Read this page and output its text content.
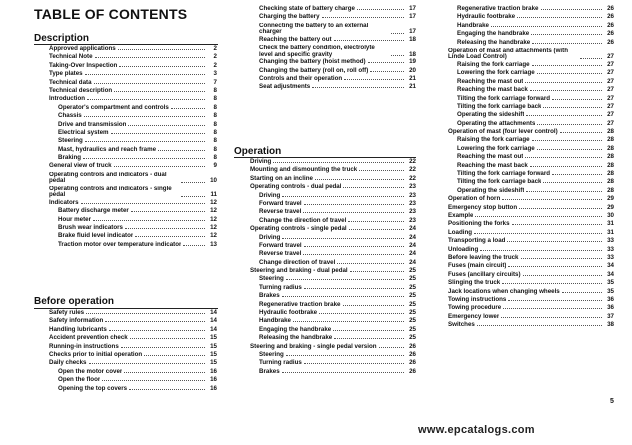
TABLE OF CONTENTS
Description
Approved applications	2
Technical Note	2
Taking-Over Inspection	2
Type plates	3
Technical data	7
Technical description	8
Introduction	8
Operator's compartment and controls	8
Chassis	8
Drive and transmission	8
Electrical system	8
Steering	8
Mast, hydraulics and reach frame	8
Braking	8
General view of truck	9
Operating controls and indicators - dual pedal	10
Operating controls and indicators - single pedal	11
Indicators	12
Battery discharge meter	12
Hour meter	12
Brush wear indicators	12
Brake fluid level indicator	12
Traction motor over temperature indicator	13
Before operation
Safety rules	14
Safety information	14
Handling lubricants	14
Accident prevention check	15
Running-in instructions	15
Checks prior to initial operation	15
Daily checks	15
Open the motor cover	16
Open the floor	16
Opening the top covers	16
Checking state of battery charge	17
Charging the battery	17
Connecting the battery to an external charger	17
Reaching the battery out	18
Check the battery condition, electrolyte level and specific gravity	18
Changing the battery (hoist method)	19
Changing the battery (roll on, roll off)	20
Controls and their operation	21
Seat adjustments	21
Operation
Driving	22
Mounting and dismounting the truck	22
Starting on an incline	22
Operating controls - dual pedal	23
Driving	23
Forward travel	23
Reverse travel	23
Change the direction of travel	23
Operating controls - single pedal	24
Driving	24
Forward travel	24
Reverse travel	24
Change direction of travel	24
Steering and braking - dual pedal	25
Steering	25
Turning radius	25
Brakes	25
Regenerative traction brake	25
Hydraulic footbrake	25
Handbrake	25
Engaging the handbrake	25
Releasing the handbrake	25
Steering and braking - single pedal version	26
Steering	26
Turning radius	26
Brakes	26
Regenerative traction brake	26
Hydraulic footbrake	26
Handbrake	26
Engaging the handbrake	26
Releasing the handbrake	26
Operation of mast and attachments (with Linde Load Control)	27
Raising the fork carriage	27
Lowering the fork carriage	27
Reaching the mast out	27
Reaching the mast back	27
Tilting the fork carriage forward	27
Tilting the fork carriage back	27
Operating the sideshift	27
Operating the attachments	27
Operation of mast (four lever control)	28
Raising the fork carriage	28
Lowering the fork carriage	28
Reaching the mast out	28
Reaching the mast back	28
Tilting the fork carriage forward	28
Tilting the fork carriage back	28
Operating the sideshift	28
Operation of horn	29
Emergency stop button	29
Example	30
Positioning the forks	31
Loading	31
Transporting a load	33
Unloading	33
Before leaving the truck	33
Fuses (main circuit)	34
Fuses (ancillary circuits)	34
Slinging the truck	35
Jack locations when changing wheels	35
Towing instructions	36
Towing procedure	36
Emergency lower	37
Switches	38
5
www.epcatalogs.com
